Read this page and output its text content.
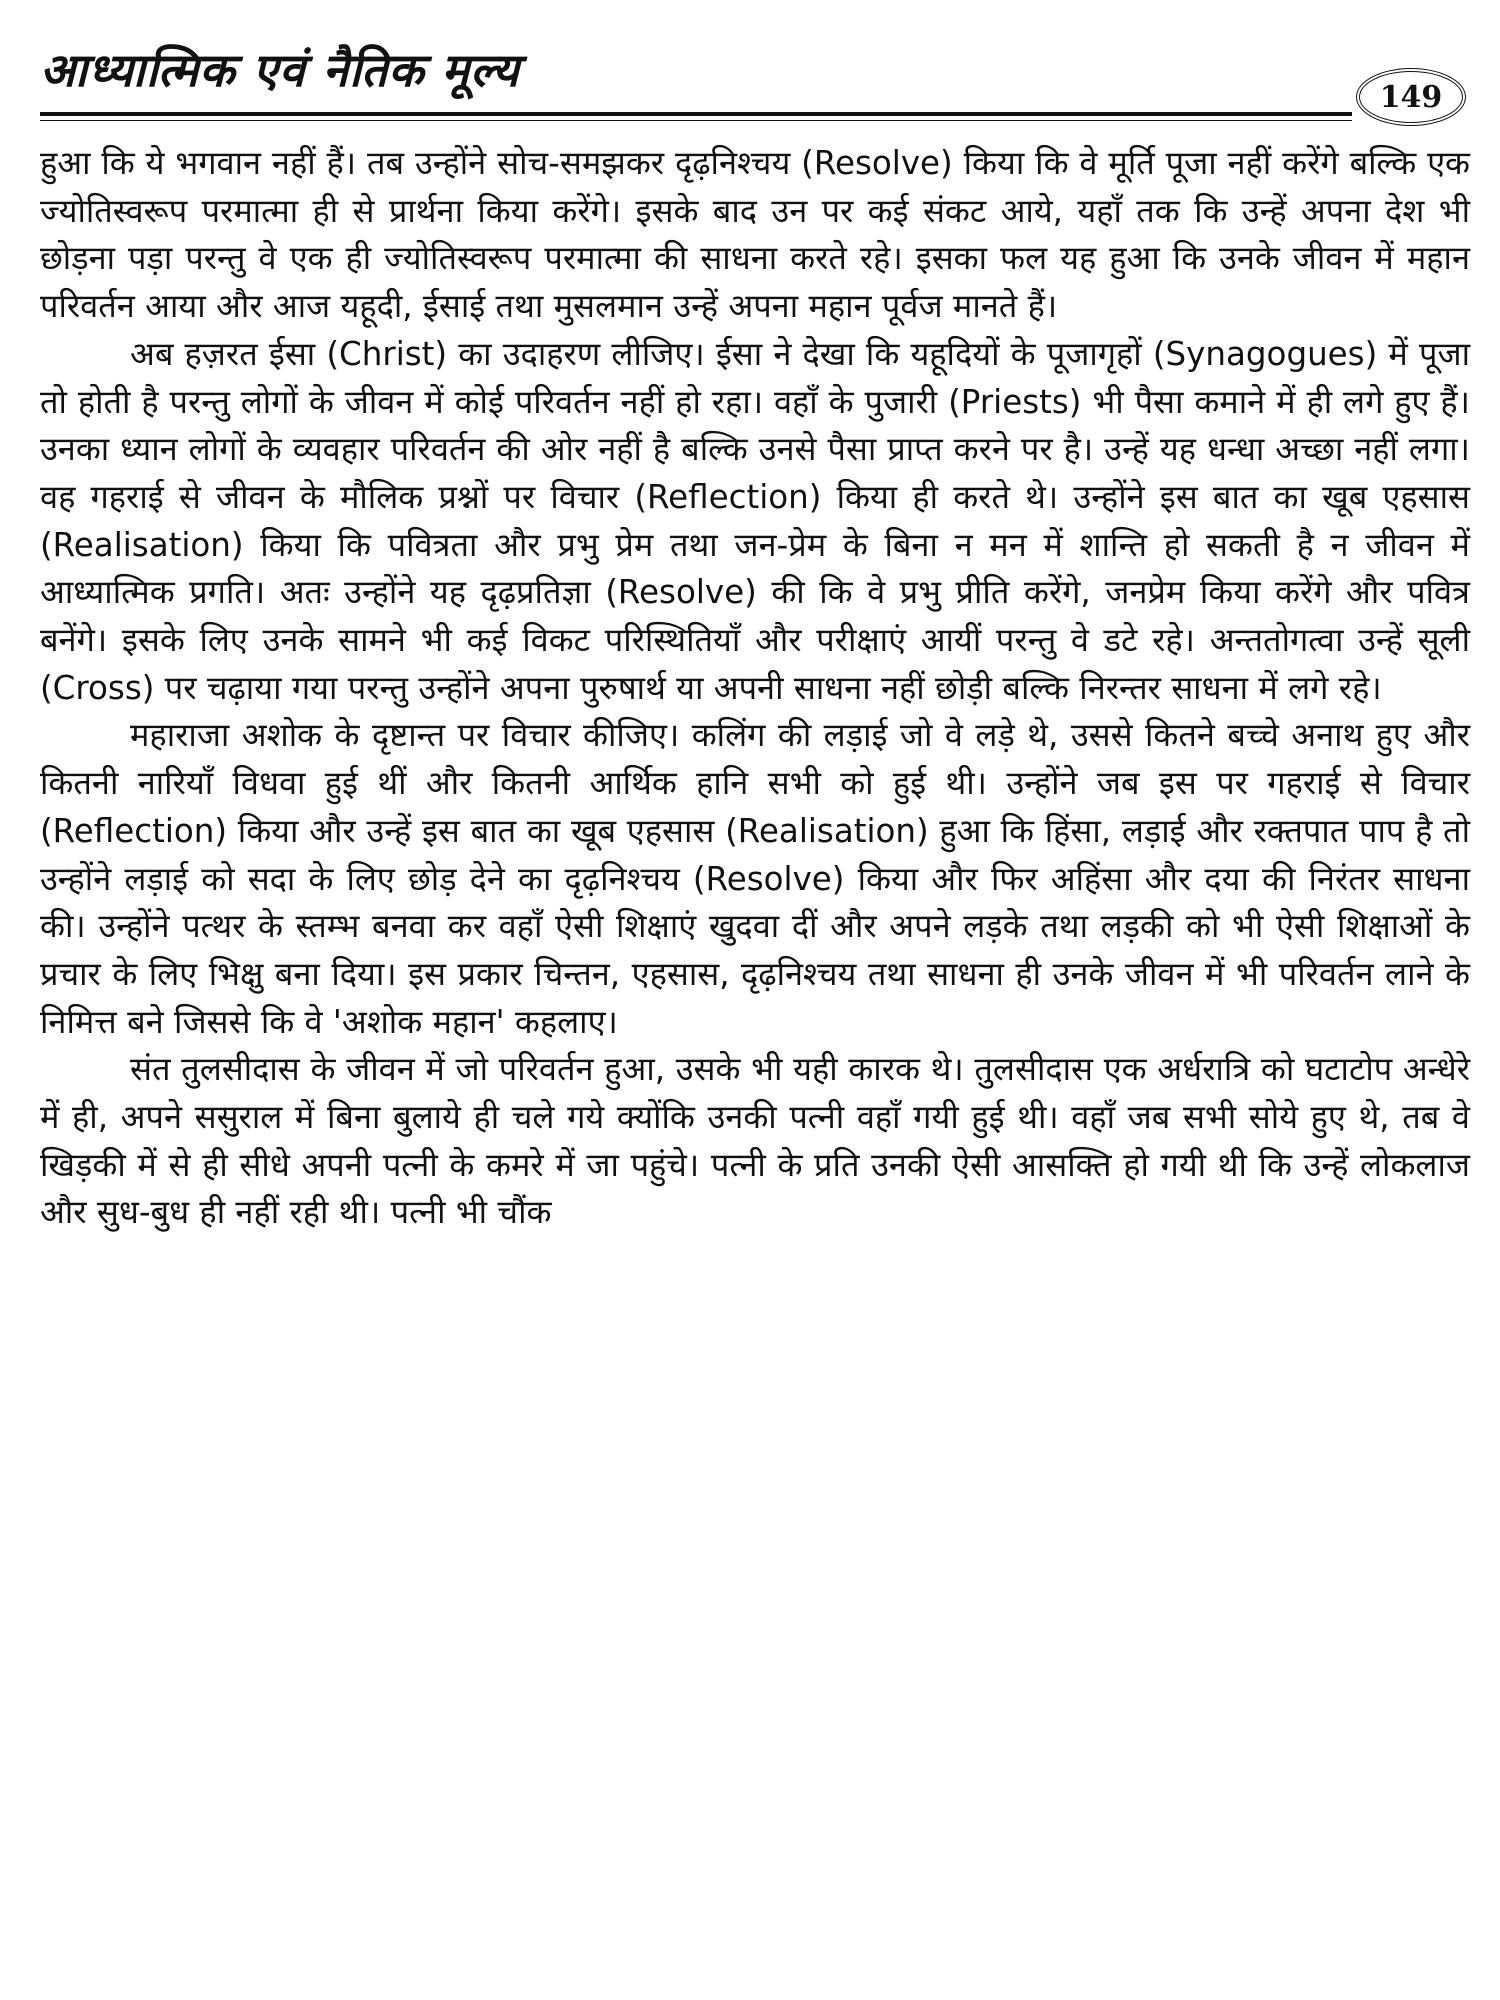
आध्यात्मिक एवं नैतिक मूल्य	149

हुआ कि ये भगवान नहीं हैं। तब उन्होंने सोच-समझकर दृढ़निश्चय (Resolve) किया कि वे मूर्ति पूजा नहीं करेंगे बल्कि एक ज्योतिस्वरूप परमात्मा ही से प्रार्थना किया करेंगे। इसके बाद उन पर कई संकट आये, यहाँ तक कि उन्हें अपना देश भी छोड़ना पड़ा परन्तु वे एक ही ज्योतिस्वरूप परमात्मा की साधना करते रहे। इसका फल यह हुआ कि उनके जीवन में महान परिवर्तन आया और आज यहूदी, ईसाई तथा मुसलमान उन्हें अपना महान पूर्वज मानते हैं।

अब हज़रत ईसा (Christ) का उदाहरण लीजिए। ईसा ने देखा कि यहूदियों के पूजागृहों (Synagogues) में पूजा तो होती है परन्तु लोगों के जीवन में कोई परिवर्तन नहीं हो रहा। वहाँ के पुजारी (Priests) भी पैसा कमाने में ही लगे हुए हैं। उनका ध्यान लोगों के व्यवहार परिवर्तन की ओर नहीं है बल्कि उनसे पैसा प्राप्त करने पर है। उन्हें यह धन्धा अच्छा नहीं लगा। वह गहराई से जीवन के मौलिक प्रश्नों पर विचार (Reflection) किया ही करते थे। उन्होंने इस बात का खूब एहसास (Realisation) किया कि पवित्रता और प्रभु प्रेम तथा जन-प्रेम के बिना न मन में शान्ति हो सकती है न जीवन में आध्यात्मिक प्रगति। अतः उन्होंने यह दृढ़प्रतिज्ञा (Resolve) की कि वे प्रभु प्रीति करेंगे, जनप्रेम किया करेंगे और पवित्र बनेंगे। इसके लिए उनके सामने भी कई विकट परिस्थितियाँ और परीक्षाएं आयीं परन्तु वे डटे रहे। अन्ततोगत्वा उन्हें सूली (Cross) पर चढ़ाया गया परन्तु उन्होंने अपना पुरुषार्थ या अपनी साधना नहीं छोड़ी बल्कि निरन्तर साधना में लगे रहे।

महाराजा अशोक के दृष्टान्त पर विचार कीजिए। कलिंग की लड़ाई जो वे लड़े थे, उससे कितने बच्चे अनाथ हुए और कितनी नारियाँ विधवा हुई थीं और कितनी आर्थिक हानि सभी को हुई थी। उन्होंने जब इस पर गहराई से विचार (Reflection) किया और उन्हें इस बात का खूब एहसास (Realisation) हुआ कि हिंसा, लड़ाई और रक्तपात पाप है तो उन्होंने लड़ाई को सदा के लिए छोड़ देने का दृढ़निश्चय (Resolve) किया और फिर अहिंसा और दया की निरंतर साधना की। उन्होंने पत्थर के स्तम्भ बनवा कर वहाँ ऐसी शिक्षाएं खुदवा दीं और अपने लड़के तथा लड़की को भी ऐसी शिक्षाओं के प्रचार के लिए भिक्षु बना दिया। इस प्रकार चिन्तन, एहसास, दृढ़निश्चय तथा साधना ही उनके जीवन में भी परिवर्तन लाने के निमित्त बने जिससे कि वे 'अशोक महान' कहलाए।

संत तुलसीदास के जीवन में जो परिवर्तन हुआ, उसके भी यही कारक थे। तुलसीदास एक अर्धरात्रि को घटाटोप अन्धेरे में ही, अपने ससुराल में बिना बुलाये ही चले गये क्योंकि उनकी पत्नी वहाँ गयी हुई थी। वहाँ जब सभी सोये हुए थे, तब वे खिड़की में से ही सीधे अपनी पत्नी के कमरे में जा पहुंचे। पत्नी के प्रति उनकी ऐसी आसक्ति हो गयी थी कि उन्हें लोकलाज और सुध-बुध ही नहीं रही थी। पत्नी भी चौंक
